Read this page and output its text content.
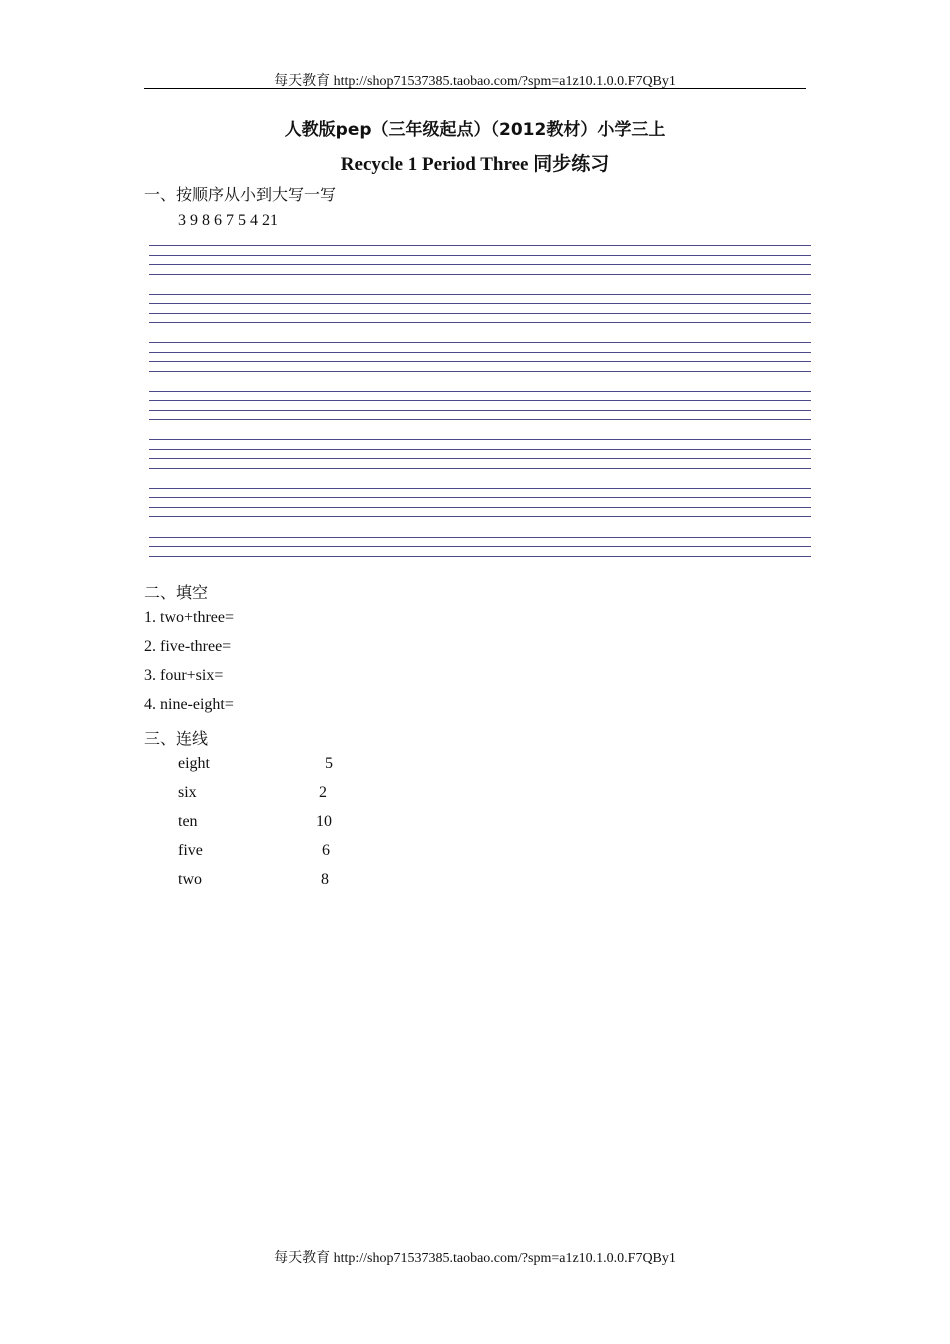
每天教育 http://shop71537385.taobao.com/?spm=a1z10.1.0.0.F7QBy1
人教版pep（三年级起点）（2012教材）小学三上
Recycle 1 Period Three 同步练习
一、按顺序从小到大写一写
3 9 8 6 7 5 4 21
二、填空
1. two+three=
2. five-three=
3. four+six=
4. nine-eight=
三、连线
eight	5
six	2
ten	10
five	6
two	8
每天教育 http://shop71537385.taobao.com/?spm=a1z10.1.0.0.F7QBy1
